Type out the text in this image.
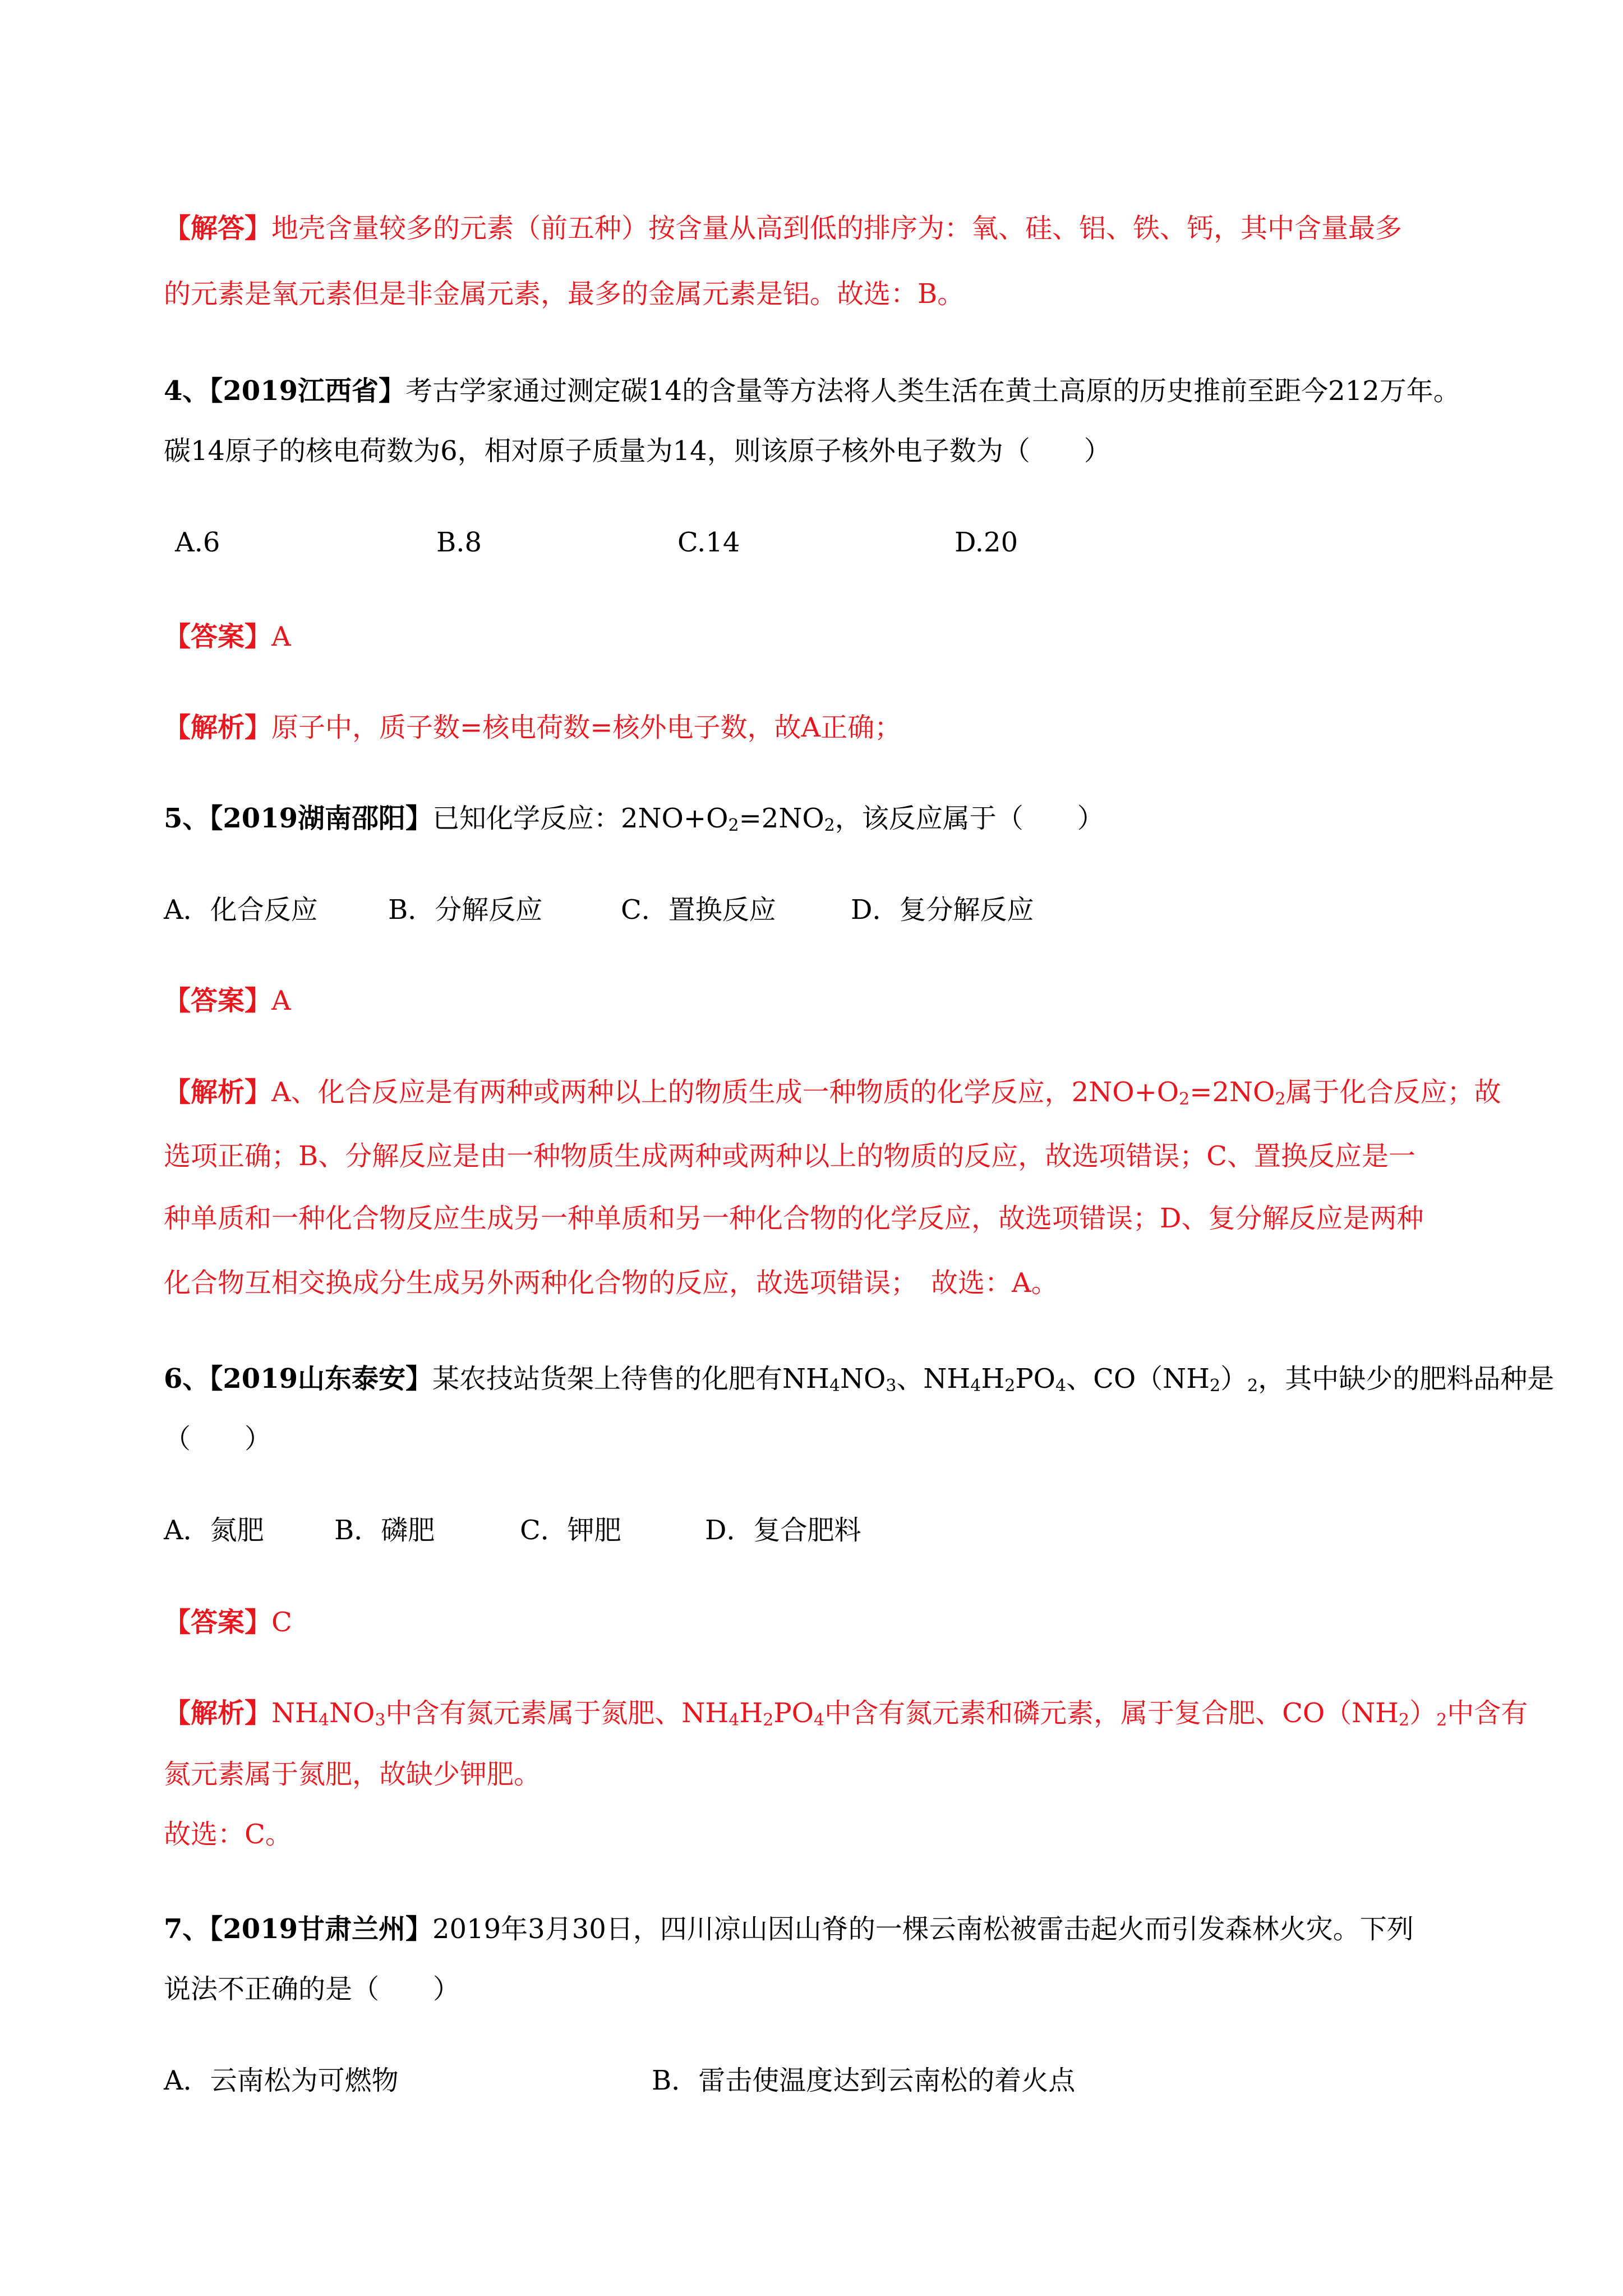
【解答】地壳含量较多的元素（前五种）按含量从高到低的排序为：氧、硅、铝、铁、钙，其中含量最多
的元素是氧元素但是非金属元素，最多的金属元素是铝。故选：B。
4、【2019江西省】考古学家通过测定碳14的含量等方法将人类生活在黄土高原的历史推前至距今212万年。
碳14原子的核电荷数为6，相对原子质量为14，则该原子核外电子数为（　　）
A.6	B.8	C.14	D.20
【答案】A
【解析】原子中，质子数=核电荷数=核外电子数，故A正确；
5、【2019湖南邵阳】已知化学反应：$2NO+O_2=2NO_2$，该反应属于（　　）
A．化合反应	B．分解反应	C．置换反应	D．复分解反应
【答案】A
【解析】A、化合反应是有两种或两种以上的物质生成一种物质的化学反应，$2NO+O_2=2NO_2$属于化合反应；故
选项正确；B、分解反应是由一种物质生成两种或两种以上的物质的反应，故选项错误；C、置换反应是一
种单质和一种化合物反应生成另一种单质和另一种化合物的化学反应，故选项错误；D、复分解反应是两种
化合物互相交换成分生成另外两种化合物的反应，故选项错误；　故选：A。
6、【2019山东泰安】某农技站货架上待售的化肥有$NH_4NO_3$、$NH_4H_2PO_4$、$CO(NH_2)_2$，其中缺少的肥料品种是
（　　）
A．氮肥	B．磷肥	C．钾肥	D．复合肥料
【答案】C
【解析】$NH_4NO_3$中含有氮元素属于氮肥、$NH_4H_2PO_4$中含有氮元素和磷元素，属于复合肥、$CO(NH_2)_2$中含有
氮元素属于氮肥，故缺少钾肥。
故选：C。
7、【2019甘肃兰州】2019年3月30日，四川凉山因山脊的一棵云南松被雷击起火而引发森林火灾。下列
说法不正确的是（　　）
A．云南松为可燃物	B．雷击使温度达到云南松的着火点
